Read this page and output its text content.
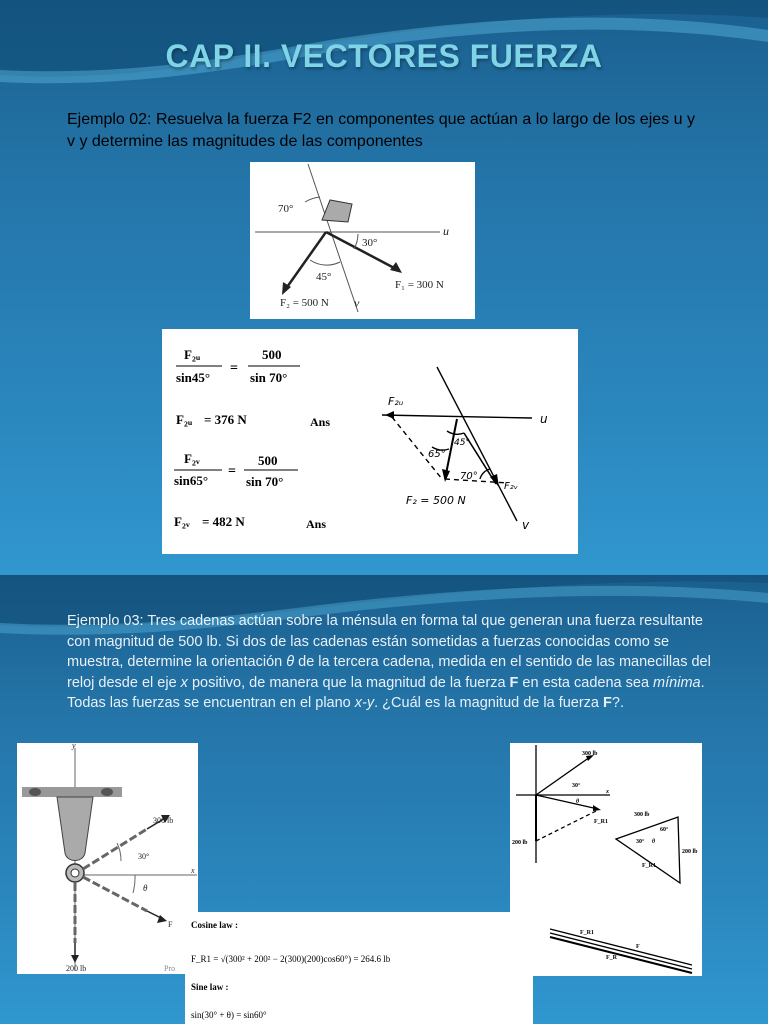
CAP II. VECTORES FUERZA
Ejemplo 02: Resuelva la fuerza F2 en componentes que actúan a lo largo de los ejes u y v y determine las magnitudes de las componentes
70°
30°
45°
u
v
F₁ = 300 N
F₂ = 500 N
F₂ᵤ
sin45°
=
500
sin 70°
F₂ᵤ = 376 N	Ans
F₂ᵥ
sin65°
=
500
sin 70°
F₂ᵥ = 482 N	Ans
F₂ᵤ
u
45°
65°
70°
F₂ᵥ
F₂ = 500 N
v
Ejemplo 03: Tres cadenas actúan sobre la ménsula en forma tal que generan una fuerza resultante con magnitud de 500 lb. Si dos de las cadenas están sometidas a fuerzas conocidas como se muestra, determine la orientación θ de la tercera cadena, medida en el sentido de las manecillas del reloj desde el eje x positivo, de manera que la magnitud de la fuerza F en esta cadena sea mínima. Todas las fuerzas se encuentran en el plano x-y. ¿Cuál es la magnitud de la fuerza F?.
y
x
300 lb
30°
θ
F
200 lb	Pro
Cosine law :
F_R1 = √(300² + 200² − 2(300)(200)cos60°) = 264.6 lb
Sine law :
sin(30° + θ) = sin60°
300 lb
30°
θ
x
200 lb
F_R1
300 lb
60°
200 lb
30° θ
F_R1
F_R1
F
F_R
